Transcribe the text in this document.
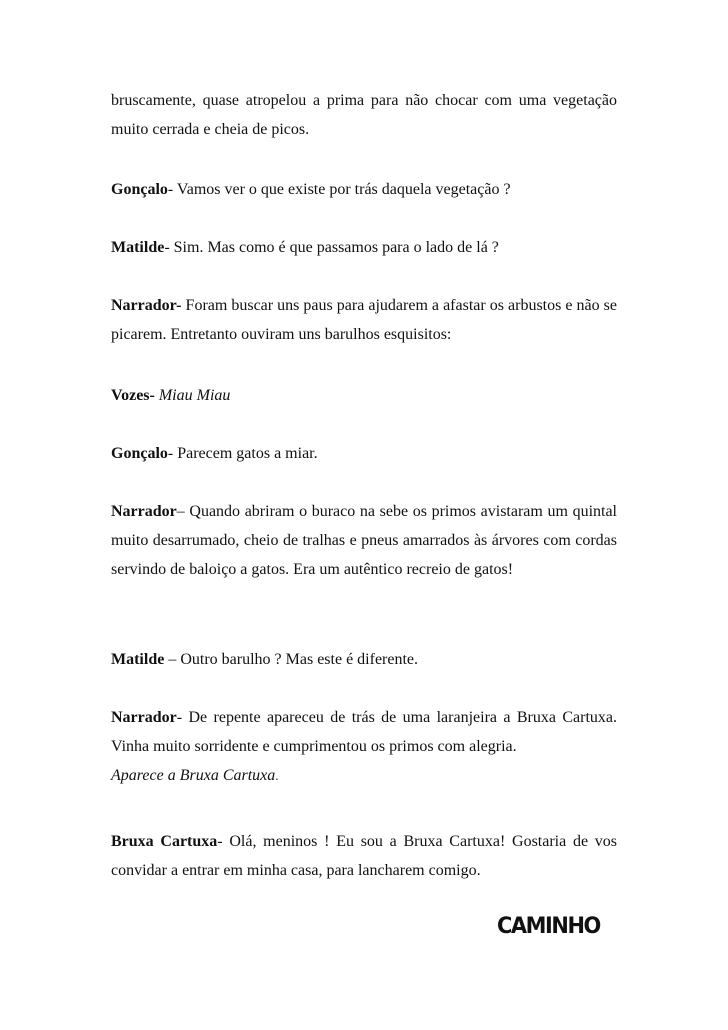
bruscamente, quase atropelou a prima para não chocar com uma vegetação muito cerrada e cheia de picos.

Gonçalo- Vamos ver o que existe por trás daquela vegetação ?

Matilde- Sim. Mas como é que passamos para o lado de lá ?

Narrador- Foram buscar uns paus para ajudarem a afastar os arbustos e não se picarem. Entretanto ouviram uns barulhos esquisitos:

Vozes- Miau Miau

Gonçalo- Parecem gatos a miar.

Narrador– Quando abriram o buraco na sebe os primos avistaram um quintal muito desarrumado, cheio de tralhas e pneus amarrados às árvores com cordas servindo de baloiço a gatos. Era um autêntico recreio de gatos!

Matilde – Outro barulho ? Mas este é diferente.

Narrador- De repente apareceu de trás de uma laranjeira a Bruxa Cartuxa. Vinha muito sorridente e cumprimentou os primos com alegria.

Aparece a Bruxa Cartuxa.

Bruxa Cartuxa- Olá, meninos ! Eu sou a Bruxa Cartuxa! Gostaria de vos convidar a entrar em minha casa, para lancharem comigo.

CAMINHO
